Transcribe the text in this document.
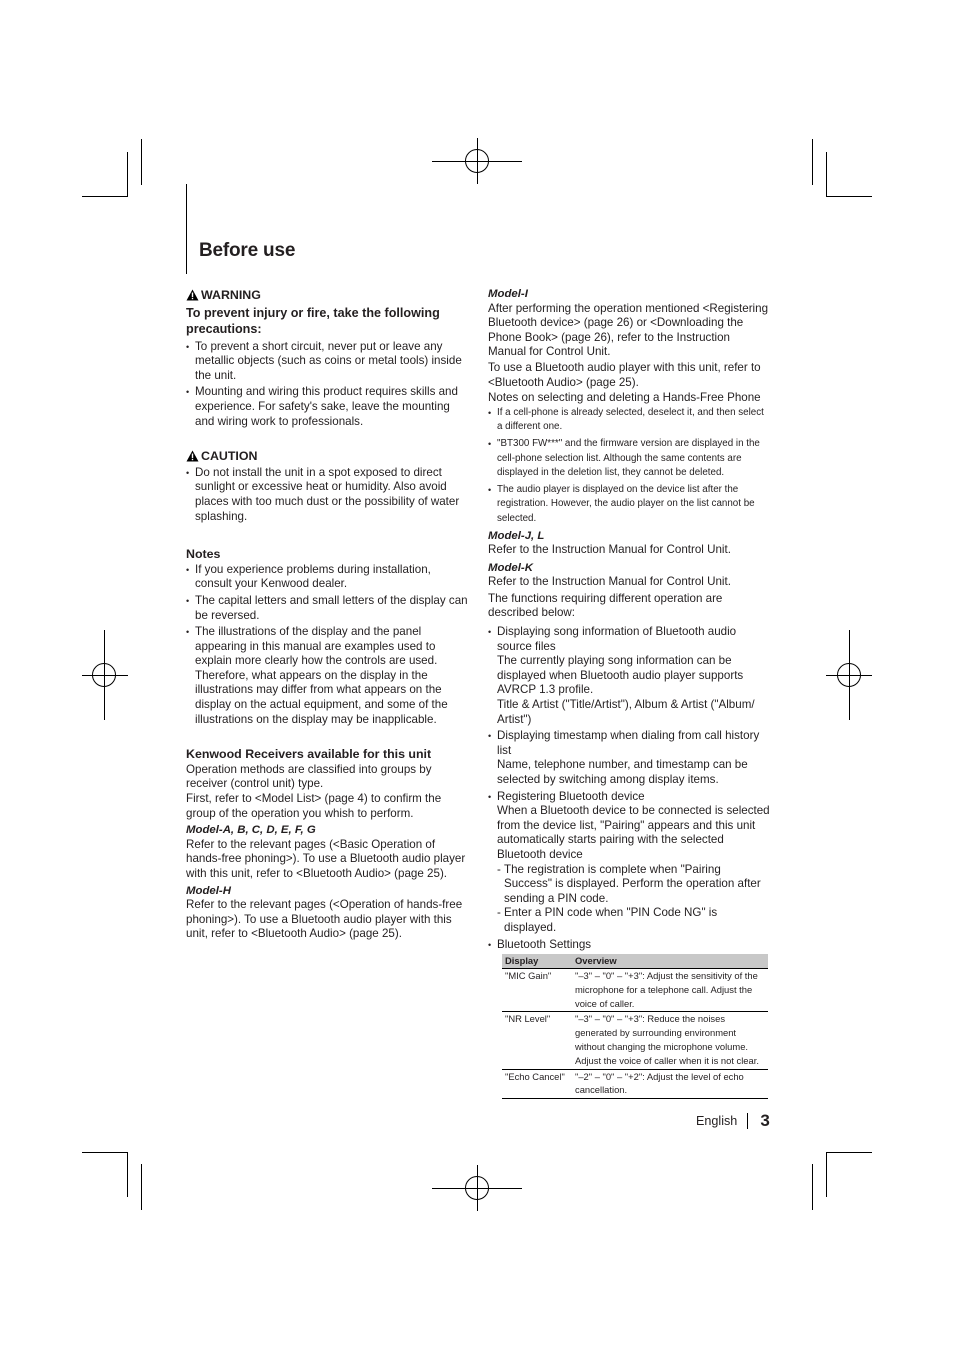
Before use
WARNING
To prevent injury or fire, take the following precautions:
• To prevent a short circuit, never put or leave any metallic objects (such as coins or metal tools) inside the unit.
• Mounting and wiring this product requires skills and experience. For safety's sake, leave the mounting and wiring work to professionals.
CAUTION
• Do not install the unit in a spot exposed to direct sunlight or excessive heat or humidity. Also avoid places with too much dust or the possibility of water splashing.
Notes
• If you experience problems during installation, consult your Kenwood dealer.
• The capital letters and small letters of the display can be reversed.
• The illustrations of the display and the panel appearing in this manual are examples used to explain more clearly how the controls are used. Therefore, what appears on the display in the illustrations may differ from what appears on the display on the actual equipment, and some of the illustrations on the display may be inapplicable.
Kenwood Receivers available for this unit

Operation methods are classified into groups by receiver (control unit) type.

First, refer to <Model List> (page 4) to confirm the group of the operation you whish to perform.

Model-A, B, C, D, E, F, G

Refer to the relevant pages (<Basic Operation of hands-free phoning>). To use a Bluetooth audio player with this unit, refer to <Bluetooth Audio> (page 25).

Model-H

Refer to the relevant pages (<Operation of hands-free phoning>). To use a Bluetooth audio player with this unit, refer to <Bluetooth Audio> (page 25).

Model-I

After performing the operation mentioned <Registering Bluetooth device> (page 26) or <Downloading the Phone Book> (page 26), refer to the Instruction Manual for Control Unit.

To use a Bluetooth audio player with this unit, refer to <Bluetooth Audio> (page 25).

Notes on selecting and deleting a Hands-Free Phone

• If a cell-phone is already selected, deselect it, and then select a different one.
• "BT300 FW***" and the firmware version are displayed in the cell-phone selection list. Although the same contents are displayed in the deletion list, they cannot be deleted.
• The audio player is displayed on the device list after the registration. However, the audio player on the list cannot be selected.
Model-J, L

Refer to the Instruction Manual for Control Unit.

Model-K

Refer to the Instruction Manual for Control Unit.

The functions requiring different operation are described below:

• Displaying song information of Bluetooth audio source files
The currently playing song information can be displayed when Bluetooth audio player supports AVRCP 1.3 profile.
Title & Artist ("Title/Artist"), Album & Artist ("Album/ Artist")
• Displaying timestamp when dialing from call history list
Name, telephone number, and timestamp can be selected by switching among display items.
• Registering Bluetooth device
When a Bluetooth device to be connected is selected from the device list, "Pairing" appears and this unit automatically starts pairing with the selected Bluetooth device
- The registration is complete when "Pairing Success" is displayed. Perform the operation after sending a PIN code.
- Enter a PIN code when "PIN Code NG" is displayed.
• Bluetooth Settings
Display	Overview
"MIC Gain"	"–3" – "0" – "+3": Adjust the sensitivity of the microphone for a telephone call. Adjust the voice of caller.
"NR Level"	"–3" – "0" – "+3": Reduce the noises generated by surrounding environment without changing the microphone volume. Adjust the voice of caller when it is not clear.
"Echo Cancel"	"–2" – "0" – "+2": Adjust the level of echo cancellation.
English 3
